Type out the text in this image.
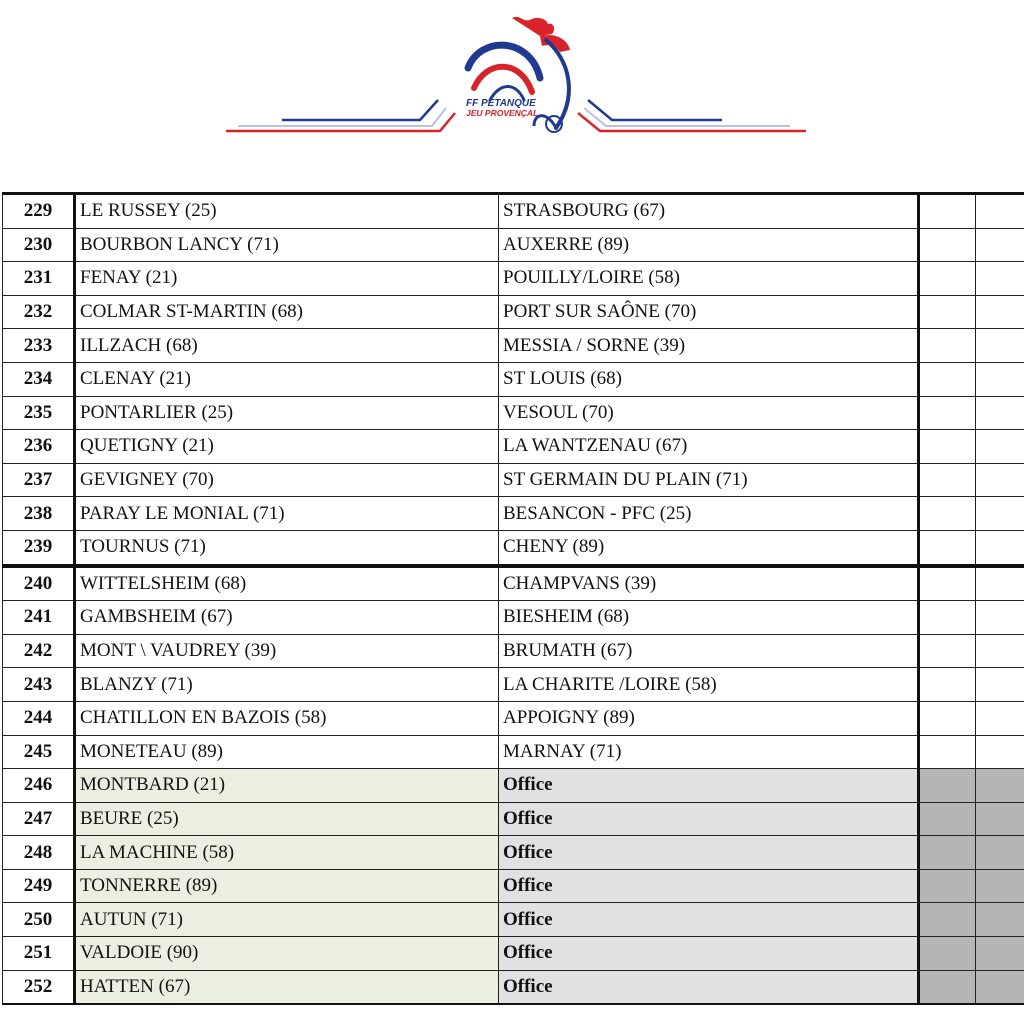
FF PETANQUE
JEU PROVENÇAL
229	LE RUSSEY (25)	STRASBOURG (67)		
230	BOURBON LANCY (71)	AUXERRE (89)		
231	FENAY (21)	POUILLY/LOIRE (58)		
232	COLMAR ST-MARTIN (68)	PORT SUR SAÔNE (70)		
233	ILLZACH (68)	MESSIA / SORNE (39)		
234	CLENAY (21)	ST LOUIS (68)		
235	PONTARLIER (25)	VESOUL (70)		
236	QUETIGNY (21)	LA WANTZENAU (67)		
237	GEVIGNEY (70)	ST GERMAIN DU PLAIN (71)		
238	PARAY LE MONIAL (71)	BESANCON - PFC (25)		
239	TOURNUS (71)	CHENY (89)		
240	WITTELSHEIM (68)	CHAMPVANS (39)		
241	GAMBSHEIM (67)	BIESHEIM (68)		
242	MONT \ VAUDREY (39)	BRUMATH (67)		
243	BLANZY (71)	LA CHARITE /LOIRE (58)		
244	CHATILLON EN BAZOIS (58)	APPOIGNY (89)		
245	MONETEAU (89)	MARNAY (71)		
246	MONTBARD (21)	Office		
247	BEURE (25)	Office		
248	LA MACHINE (58)	Office		
249	TONNERRE (89)	Office		
250	AUTUN (71)	Office		
251	VALDOIE (90)	Office		
252	HATTEN (67)	Office		
